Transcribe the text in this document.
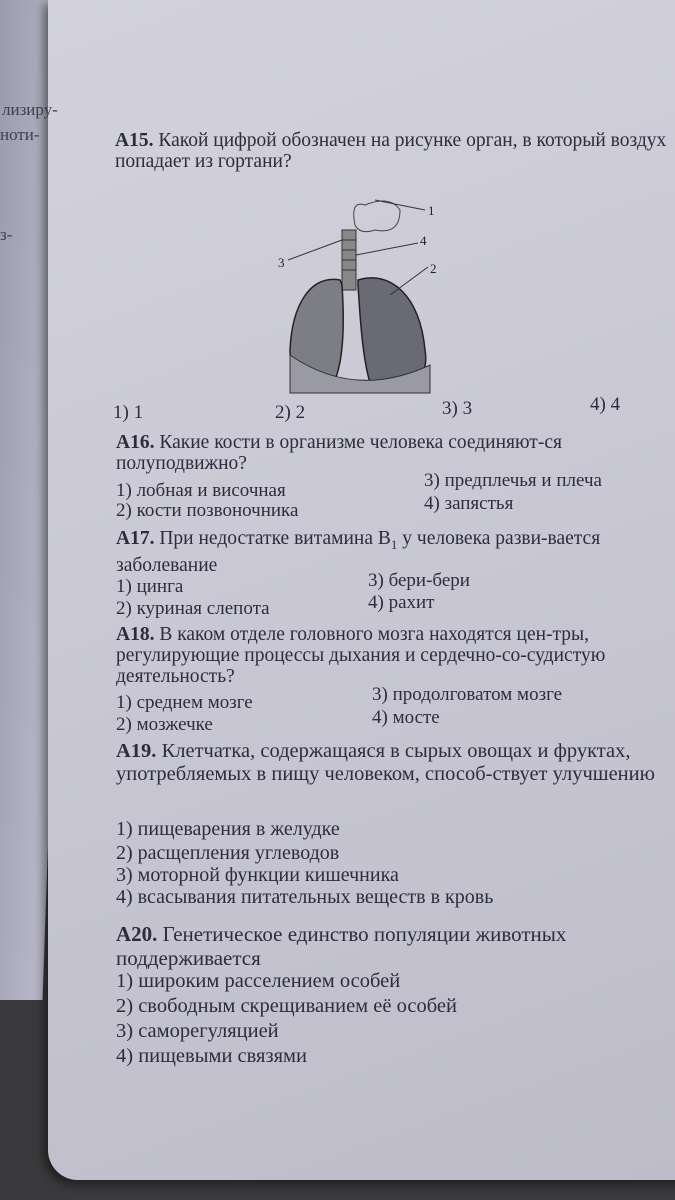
лизиру-
ноти-
з-
А15. Какой цифрой обозначен на рисунке орган, в который воздух попадает из гортани?
1
2
3
4
1) 1	2) 2	3) 3	4) 4
А16. Какие кости в организме человека соединяют-ся полуподвижно?
1) лобная и височная
2) кости позвоночника
3) предплечья и плеча
4) запястья
А17. При недостатке витамина $B_1$ у человека разви-вается заболевание
1) цинга
2) куриная слепота
3) бери-бери
4) рахит
А18. В каком отделе головного мозга находятся цен-тры, регулирующие процессы дыхания и сердечно-со-судистую деятельность?
1) среднем мозге
2) мозжечке
3) продолговатом мозге
4) мосте
А19. Клетчатка, содержащаяся в сырых овощах и фруктах, употребляемых в пищу человеком, способ-ствует улучшению
1) пищеварения в желудке
2) расщепления углеводов
3) моторной функции кишечника
4) всасывания питательных веществ в кровь
А20. Генетическое единство популяции животных поддерживается
1) широким расселением особей
2) свободным скрещиванием её особей
3) саморегуляцией
4) пищевыми связями
